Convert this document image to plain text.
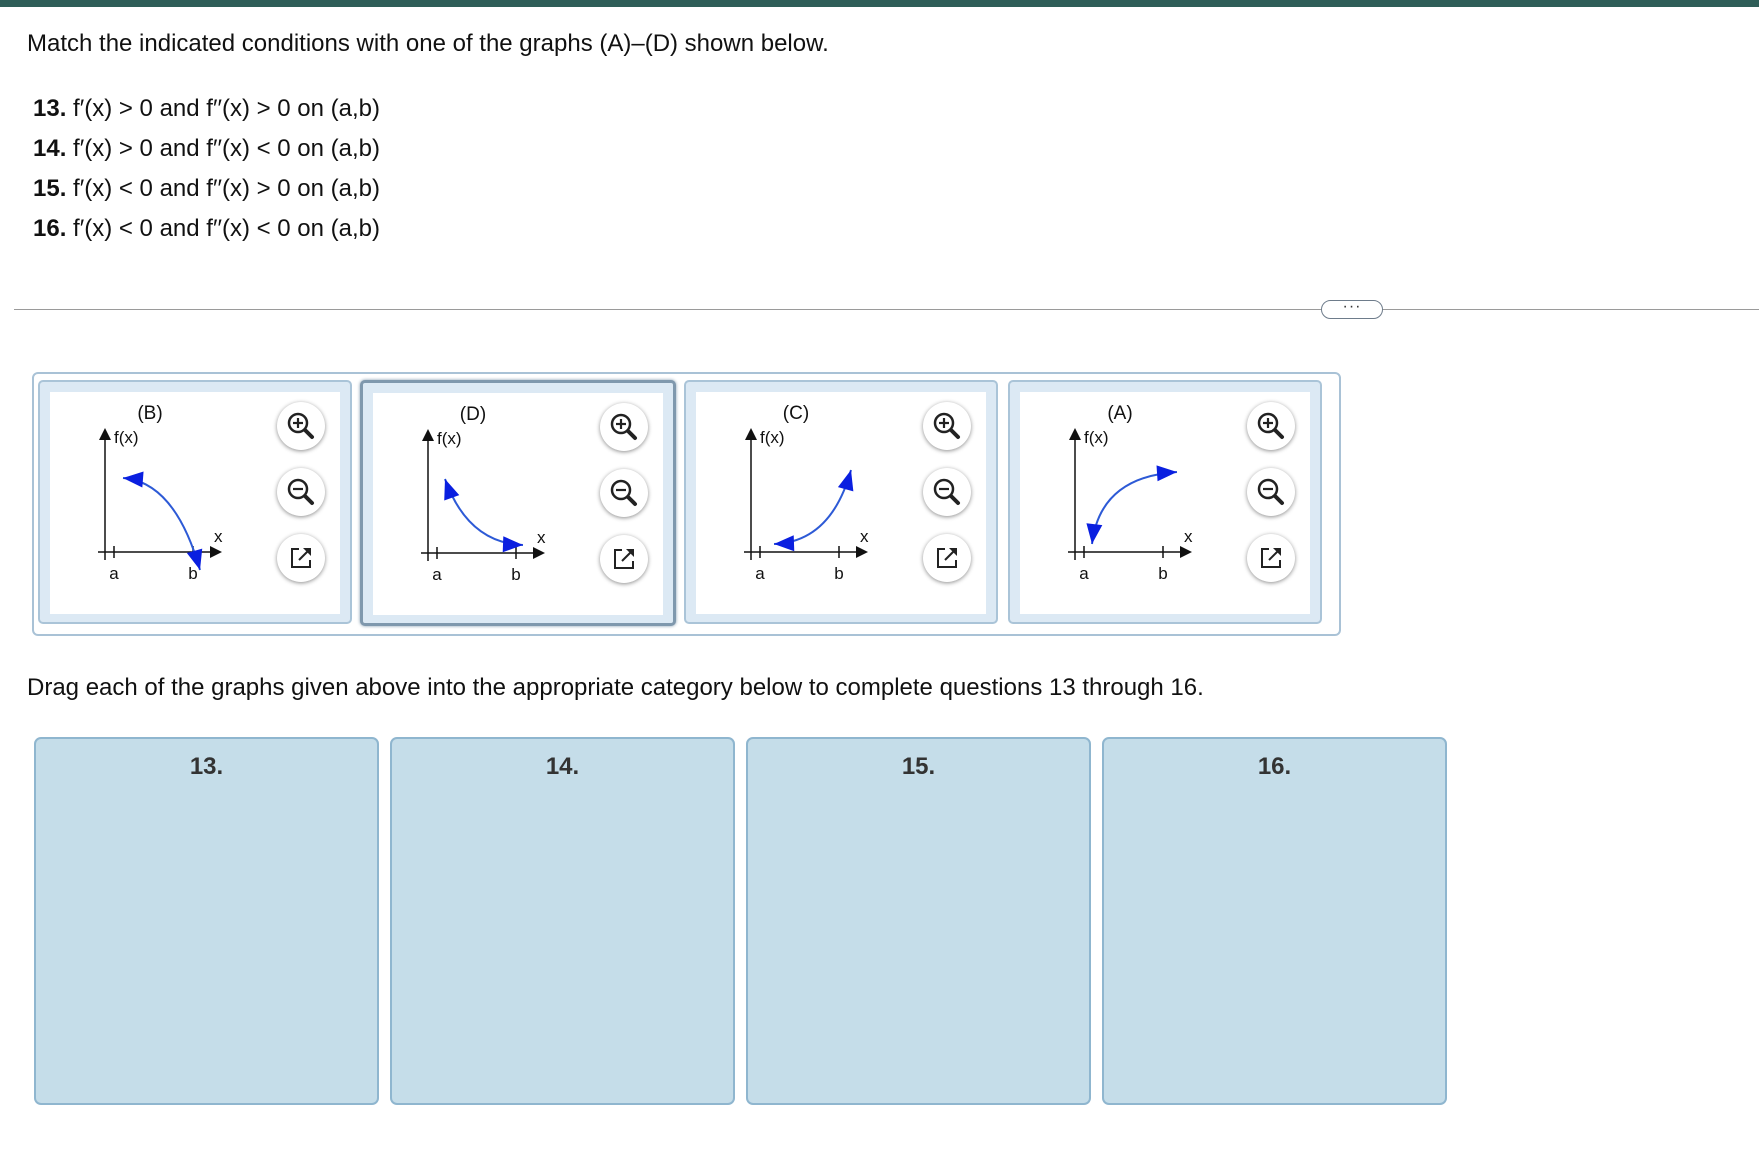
Match the indicated conditions with one of the graphs (A)–(D) shown below.
13. f′(x) > 0 and f′′(x) > 0 on (a,b)
14. f′(x) > 0 and f′′(x) < 0 on (a,b)
15. f′(x) < 0 and f′′(x) > 0 on (a,b)
16. f′(x) < 0 and f′′(x) < 0 on (a,b)
···
(B)
f(x)
x
a	b
(D)
f(x)
x
a	b
(C)
f(x)
x
a	b
(A)
f(x)
x
a	b
Drag each of the graphs given above into the appropriate category below to complete questions 13 through 16.
13.	14.	15.	16.
